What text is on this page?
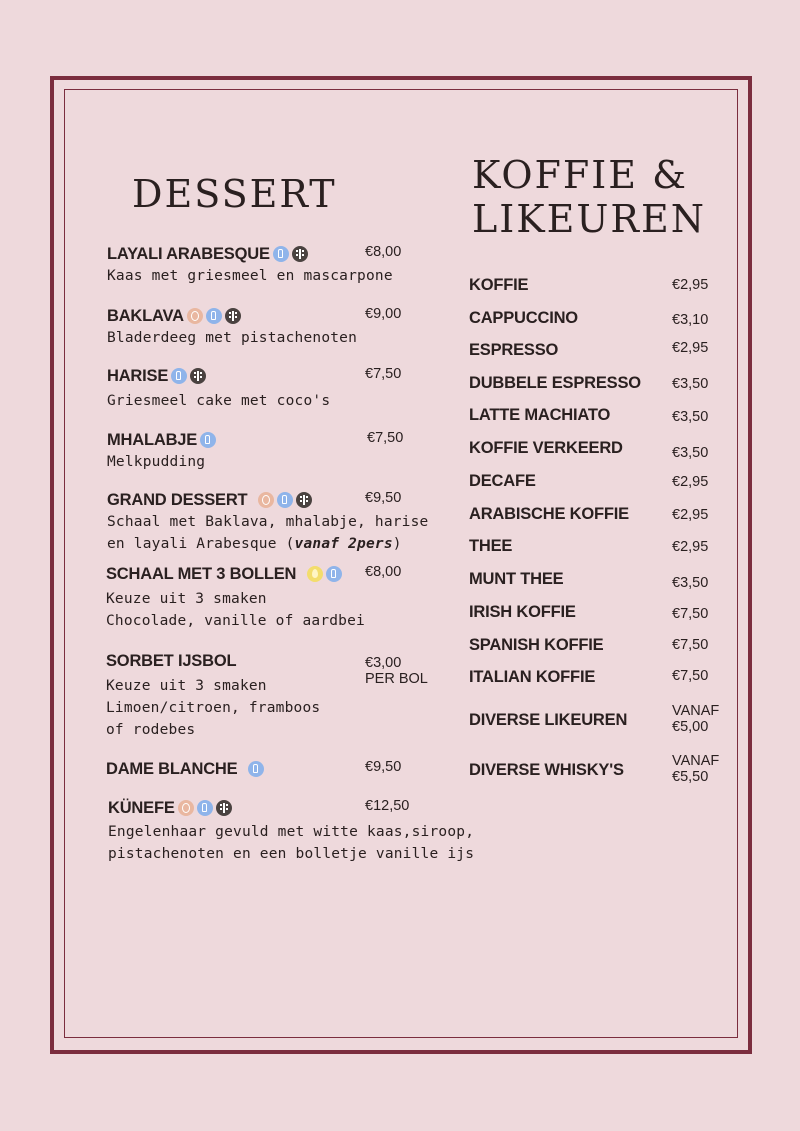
DESSERT	KOFFIE &
LIKEUREN
LAYALI ARABESQUE	€8,00
Kaas met griesmeel en mascarpone
BAKLAVA	€9,00
Bladerdeeg met pistachenoten
HARISE	€7,50
Griesmeel cake met coco's
MHALABJE	€7,50
Melkpudding
GRAND DESSERT
	€9,50
Schaal met Baklava, mhalabje, harise
en layali Arabesque (vanaf 2pers)
SCHAAL MET 3 BOLLEN
	€8,00
Keuze uit 3 smaken
Chocolade, vanille of aardbei
SORBET IJSBOL	€3,00
PER BOL
Keuze uit 3 smaken
Limoen/citroen, framboos
of rodebes
DAME BLANCHE
	€9,50
KÜNEFE	€12,50
Engelenhaar gevuld met witte kaas,siroop,
pistachenoten en een bolletje vanille ijs
KOFFIE	€2,95
CAPPUCCINO	€3,10
ESPRESSO	€2,95
DUBBELE ESPRESSO	€3,50
LATTE MACHIATO	€3,50
KOFFIE VERKEERD	€3,50
DECAFE	€2,95
ARABISCHE KOFFIE	€2,95
THEE	€2,95
MUNT THEE	€3,50
IRISH KOFFIE	€7,50
SPANISH KOFFIE	€7,50
ITALIAN KOFFIE	€7,50
DIVERSE LIKEUREN	VANAF
€5,00
DIVERSE WHISKY'S	VANAF
€5,50
